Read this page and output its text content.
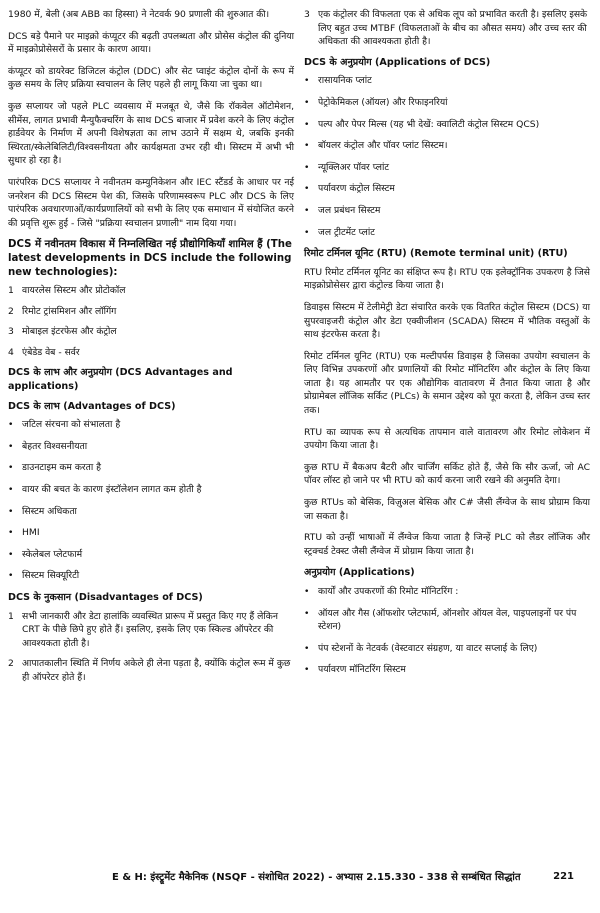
1980 में, बेली (अब ABB का हिस्सा) ने नेटवर्क 90 प्रणाली की शुरुआत की।

DCS बड़े पैमाने पर माइक्रो कंप्यूटर की बढ़ती उपलब्धता और प्रोसेस कंट्रोल की दुनिया में माइक्रोप्रोसेसरों के प्रसार के कारण आया।

कंप्यूटर को डायरेक्ट डिजिटल कंट्रोल (DDC) और सेट प्वाइंट कंट्रोल दोनों के रूप में कुछ समय के लिए प्रक्रिया स्वचालन के लिए पहले ही लागू किया जा चुका था।

कुछ सप्लायर जो पहले PLC व्यवसाय में मजबूत थे, जैसे कि रॉकवेल ऑटोमेशन, सीमेंस, लागत प्रभावी मैन्युफैक्चरिंग के साथ DCS बाजार में प्रवेश करने के लिए कंट्रोल हार्डवेयर के निर्माण में अपनी विशेषज्ञता का लाभ उठाने में सक्षम थे, जबकि इनकी स्थिरता/स्केलेबिलिटी/विश्वसनीयता और कार्यक्षमता उभर रही थी। सिस्टम में अभी भी सुधार हो रहा है।

पारंपरिक DCS सप्लायर ने नवीनतम कम्युनिकेशन और IEC स्टैंडर्ड के आधार पर नई जनरेशन की DCS सिस्टम पेश की, जिसके परिणामस्वरूप PLC और DCS के लिए पारंपरिक अवधारणाओं/कार्यप्रणालियों को सभी के लिए एक समाधान में संयोजित करने की प्रवृत्ति शुरू हुई - जिसे "प्रक्रिया स्वचालन प्रणाली" नाम दिया गया।

DCS में नवीनतम विकास में निम्नलिखित नई प्रौद्योगिकियाँ शामिल हैं (The latest developments in DCS include the following new technologies):
1 वायरलेस सिस्टम और प्रोटोकॉल
2 रिमोट ट्रांसमिशन और लॉगिंग
3 मोबाइल इंटरफेस और कंट्रोल
4 एंबेडेड वेब - सर्वर
DCS के लाभ और अनुप्रयोग (DCS Advantages and applications)
DCS के लाभ (Advantages of DCS)
• जटिल संरचना को संभालता है
• बेहतर विश्वसनीयता
• डाउनटाइम कम करता है
• वायर की बचत के कारण इंस्टॉलेशन लागत कम होती है
• सिस्टम अधिकता
• HMI
• स्केलेबल प्लेटफार्म
• सिस्टम सिक्यूरिटी
DCS के नुकसान (Disadvantages of DCS)
1 सभी जानकारी और डेटा हालांकि व्यवस्थित प्रारूप में प्रस्तुत किए गए हैं लेकिन CRT के पीछे छिपे हुए होते हैं। इसलिए, इसके लिए एक स्किल्ड ऑपरेटर की आवश्यकता होती है।
2 आपातकालीन स्थिति में निर्णय अकेले ही लेना पड़ता है, क्योंकि कंट्रोल रूम में कुछ ही ऑपरेटर होते हैं।
3 एक कंट्रोलर की विफलता एक से अधिक लूप को प्रभावित करती है। इसलिए इसके लिए बहुत उच्च MTBF (विफलताओं के बीच का औसत समय) और उच्च स्तर की अधिकता की आवश्यकता होती है।
DCS के अनुप्रयोग (Applications of DCS)
• रासायनिक प्लांट
• पेट्रोकेमिकल (ऑयल) और रिफाइनरियां
• पल्प और पेपर मिल्स (यह भी देखें: क्वालिटी कंट्रोल सिस्टम QCS)
• बॉयलर कंट्रोल और पॉवर प्लांट सिस्टम।
• न्यूक्लिअर पॉवर प्लांट
• पर्यावरण कंट्रोल सिस्टम
• जल प्रबंधन सिस्टम
• जल ट्रीटमेंट प्लांट
रिमोट टर्मिनल यूनिट (RTU) (Remote terminal unit) (RTU)

RTU रिमोट टर्मिनल यूनिट का संक्षिप्त रूप है। RTU एक इलेक्ट्रॉनिक उपकरण है जिसे माइक्रोप्रोसेसर द्वारा कंट्रोल्ड किया जाता है।

डिवाइस सिस्टम में टेलीमेट्री डेटा संचारित करके एक वितरित कंट्रोल सिस्टम (DCS) या सुपरवाइजरी कंट्रोल और डेटा एक्वीजीशन (SCADA) सिस्टम में भौतिक वस्तुओं के साथ इंटरफेस करता है।

रिमोट टर्मिनल यूनिट (RTU) एक मल्टीपर्पस डिवाइस है जिसका उपयोग स्वचालन के लिए विभिन्न उपकरणों और प्रणालियों की रिमोट मॉनिटरिंग और कंट्रोल के लिए किया जाता है। यह आमतौर पर एक औद्योगिक वातावरण में तैनात किया जाता है और प्रोग्रामेबल लॉजिक सर्किट (PLCs) के समान उद्देश्य को पूरा करता है, लेकिन उच्च स्तर तक।

RTU का व्यापक रूप से अत्यधिक तापमान वाले वातावरण और रिमोट लोकेशन में उपयोग किया जाता है।

कुछ RTU में बैकअप बैटरी और चार्जिंग सर्किट होते हैं, जैसे कि सौर ऊर्जा, जो AC पॉवर लॉस्ट हो जाने पर भी RTU को कार्य करना जारी रखने की अनुमति देगा।

कुछ RTUs को बेसिक, विज़ुअल बेसिक और C# जैसी लैंग्वेज के साथ प्रोग्राम किया जा सकता है।

RTU को उन्हीं भाषाओं में लैंग्वेज किया जाता है जिन्हें PLC को लैडर लॉजिक और स्ट्रक्चर्ड टेक्स्ट जैसी लैंग्वेज में प्रोग्राम किया जाता है।

अनुप्रयोग (Applications)
• कार्यों और उपकरणों की रिमोट मॉनिटरिंग :
• ऑयल और गैस (ऑफशोर प्लेटफार्म, ऑनशोर ऑयल वेल, पाइपलाइनों पर पंप स्टेशन)
• पंप स्टेशनों के नेटवर्क (वेस्टवाटर संग्रहण, या वाटर सप्लाई के लिए)
• पर्यावरण मॉनिटरिंग सिस्टम
E & H: इंस्ट्रूमेंट मैकेनिक (NSQF - संशोधित 2022) - अभ्यास 2.15.330 - 338 से सम्बंधित सिद्धांत	221
